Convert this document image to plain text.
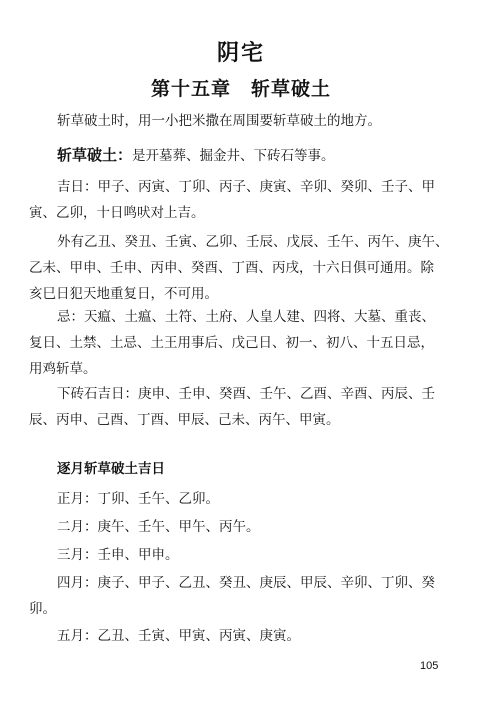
阴宅
第十五章　斩草破土

斩草破土时，用一小把米撒在周围要斩草破土的地方。

斩草破土：是开墓葬、掘金井、下砖石等事。

吉日：甲子、丙寅、丁卯、丙子、庚寅、辛卯、癸卯、壬子、甲
寅、乙卯，十日鸣吠对上吉。
外有乙丑、癸丑、壬寅、乙卯、壬辰、戊辰、壬午、丙午、庚午、
乙未、甲申、壬申、丙申、癸酉、丁酉、丙戌，十六日俱可通用。除
亥巳日犯天地重复日，不可用。
忌：天瘟、土瘟、土符、土府、人皇人建、四将、大墓、重丧、
复日、土禁、土忌、土王用事后、戊己日、初一、初八、十五日忌，
用鸡斩草。
下砖石吉日：庚申、壬申、癸酉、壬午、乙酉、辛酉、丙辰、壬
辰、丙申、己酉、丁酉、甲辰、己未、丙午、甲寅。
逐月斩草破土吉日
正月：丁卯、壬午、乙卯。
二月：庚午、壬午、甲午、丙午。
三月：壬申、甲申。
四月：庚子、甲子、乙丑、癸丑、庚辰、甲辰、辛卯、丁卯、癸
卯。
五月：乙丑、壬寅、甲寅、丙寅、庚寅。
105
